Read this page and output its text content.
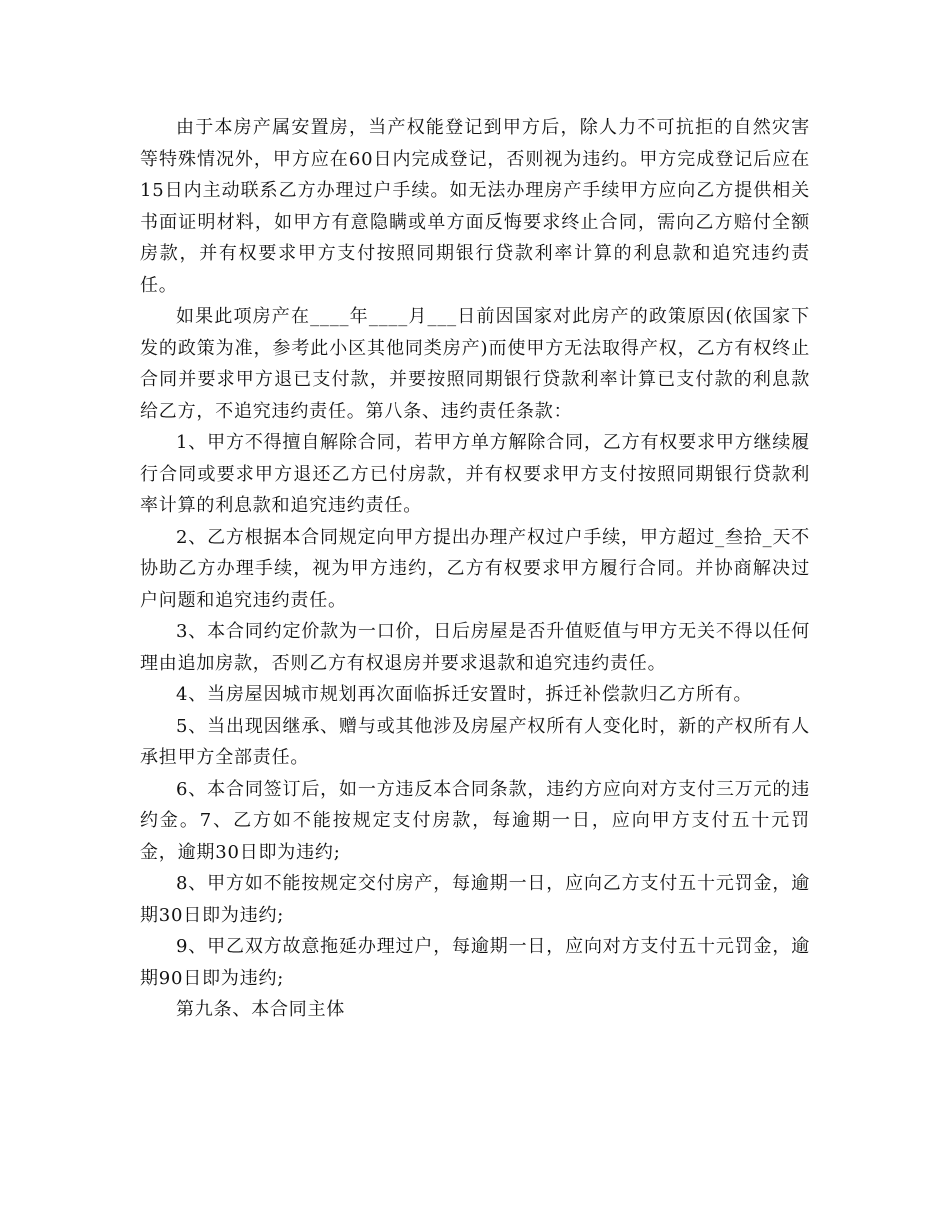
由于本房产属安置房，当产权能登记到甲方后，除人力不可抗拒的自然灾害等特殊情况外，甲方应在60日内完成登记，否则视为违约。甲方完成登记后应在15日内主动联系乙方办理过户手续。如无法办理房产手续甲方应向乙方提供相关书面证明材料，如甲方有意隐瞒或单方面反悔要求终止合同，需向乙方赔付全额房款，并有权要求甲方支付按照同期银行贷款利率计算的利息款和追究违约责任。

如果此项房产在____年____月___日前因国家对此房产的政策原因(依国家下发的政策为准，参考此小区其他同类房产)而使甲方无法取得产权，乙方有权终止合同并要求甲方退已支付款，并要按照同期银行贷款利率计算已支付款的利息款给乙方，不追究违约责任。第八条、违约责任条款：

1、甲方不得擅自解除合同，若甲方单方解除合同，乙方有权要求甲方继续履行合同或要求甲方退还乙方已付房款，并有权要求甲方支付按照同期银行贷款利率计算的利息款和追究违约责任。

2、乙方根据本合同规定向甲方提出办理产权过户手续，甲方超过_叁拾_天不协助乙方办理手续，视为甲方违约，乙方有权要求甲方履行合同。并协商解决过户问题和追究违约责任。

3、本合同约定价款为一口价，日后房屋是否升值贬值与甲方无关不得以任何理由追加房款，否则乙方有权退房并要求退款和追究违约责任。

4、当房屋因城市规划再次面临拆迁安置时，拆迁补偿款归乙方所有。

5、当出现因继承、赠与或其他涉及房屋产权所有人变化时，新的产权所有人承担甲方全部责任。

6、本合同签订后，如一方违反本合同条款，违约方应向对方支付三万元的违约金。7、乙方如不能按规定支付房款，每逾期一日，应向甲方支付五十元罚金，逾期30日即为违约;

8、甲方如不能按规定交付房产，每逾期一日，应向乙方支付五十元罚金，逾期30日即为违约;

9、甲乙双方故意拖延办理过户，每逾期一日，应向对方支付五十元罚金，逾期90日即为违约;

第九条、本合同主体
